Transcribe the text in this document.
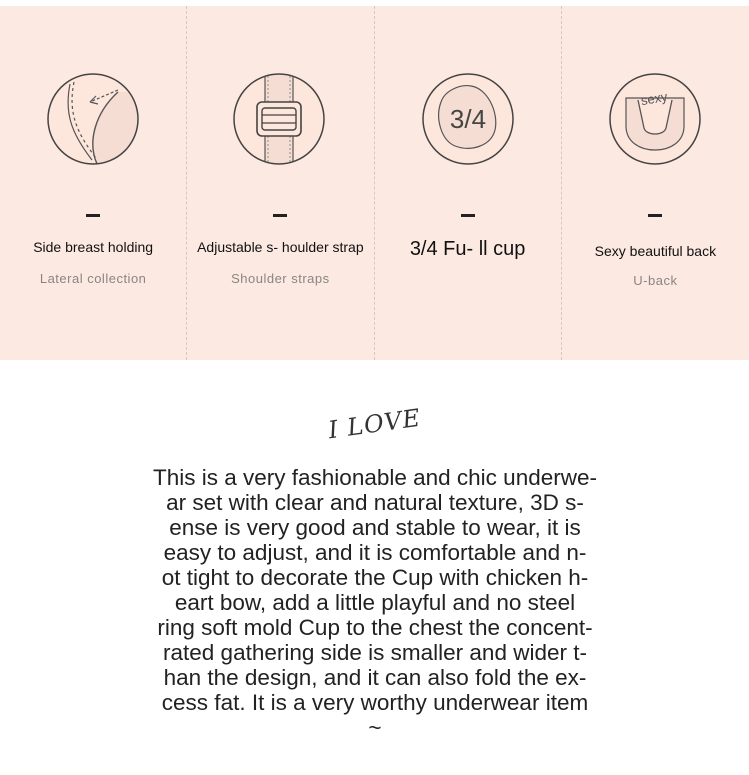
Side breast holding
Lateral collection
Adjustable s- houlder strap
Shoulder straps
3/4
3/4 Fu- ll cup
sexy
Sexy beautiful back
U-back
I LOVE
This is a very fashionable and chic underwe-
ar set with clear and natural texture, 3D s-
ense is very good and stable to wear, it is
easy to adjust, and it is comfortable and n-
ot tight to decorate the Cup with chicken h-
eart bow, add a little playful and no steel
ring soft mold Cup to the chest the concent-
rated gathering side is smaller and wider t-
han the design, and it can also fold the ex-
cess fat. It is a very worthy underwear item
~
